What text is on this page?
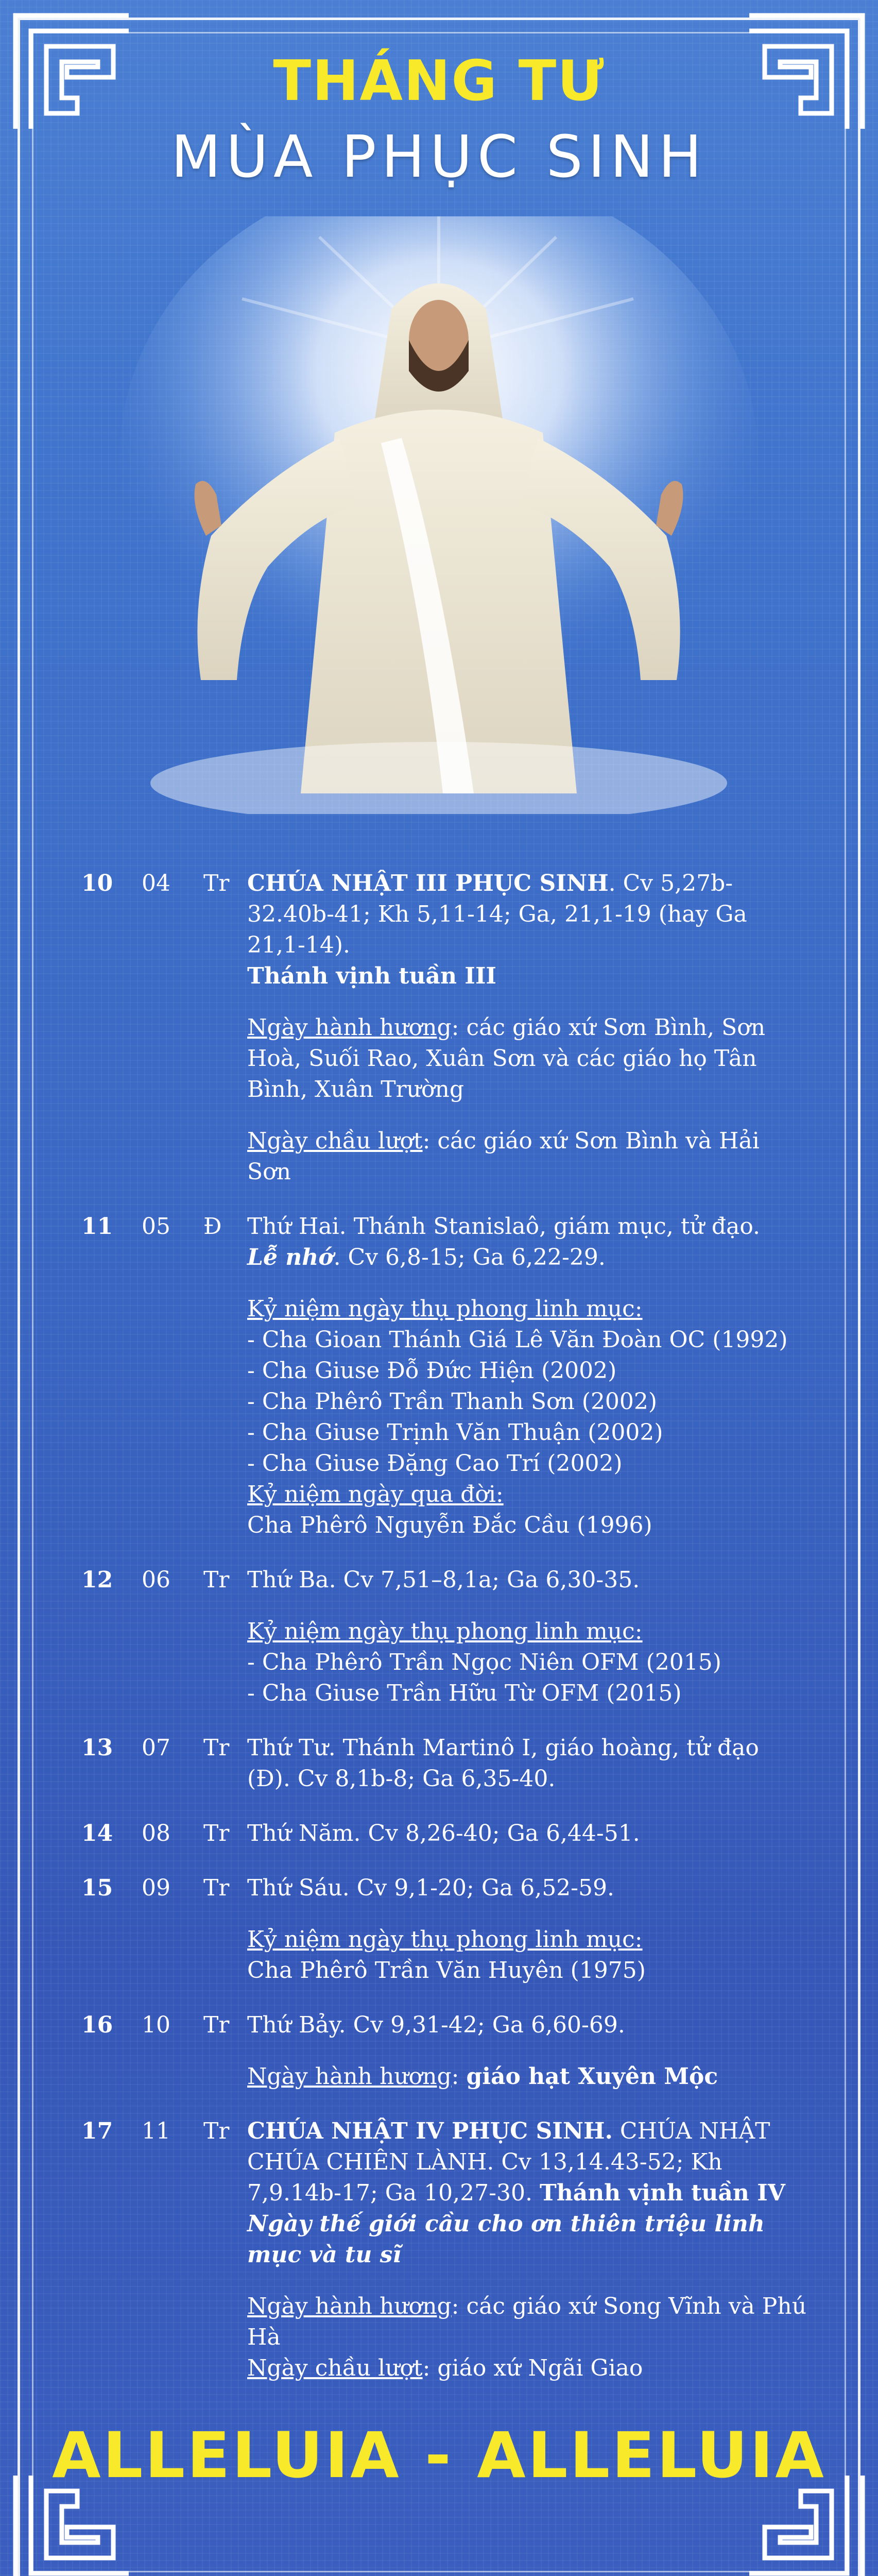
THÁNG TƯ
MÙA PHỤC SINH
10	04	Tr CHÚA NHẬT III PHỤC SINH. Cv 5,27b-32.40b-41; Kh 5,11-14; Ga, 21,1-19 (hay Ga 21,1-14).

Thánh vịnh tuần III

Ngày hành hương: các giáo xứ Sơn Bình, Sơn Hoà, Suối Rao, Xuân Sơn và các giáo họ Tân Bình, Xuân Trường

Ngày chầu lượt: các giáo xứ Sơn Bình và Hải Sơn

11	05	Đ	Thứ Hai. Thánh Stanislaô, giám mục, tử đạo.

Lễ nhớ. Cv 6,8-15; Ga 6,22-29.

Kỷ niệm ngày thụ phong linh mục:

- Cha Gioan Thánh Giá Lê Văn Đoàn OC (1992)

- Cha Giuse Đỗ Đức Hiện (2002)

- Cha Phêrô Trần Thanh Sơn (2002)

- Cha Giuse Trịnh Văn Thuận (2002)

- Cha Giuse Đặng Cao Trí (2002)

Kỷ niệm ngày qua đời:

Cha Phêrô Nguyễn Đắc Cầu (1996)

12	06	Tr Thứ Ba. Cv 7,51–8,1a; Ga 6,30-35.

Kỷ niệm ngày thụ phong linh mục:

- Cha Phêrô Trần Ngọc Niên OFM (2015)

- Cha Giuse Trần Hữu Từ OFM (2015)

13	07	Tr Thứ Tư. Thánh Martinô I, giáo hoàng, tử đạo (Đ). Cv 8,1b-8; Ga 6,35-40.

14	08	Tr Thứ Năm. Cv 8,26-40; Ga 6,44-51.

15	09	Tr Thứ Sáu. Cv 9,1-20; Ga 6,52-59.

Kỷ niệm ngày thụ phong linh mục:

Cha Phêrô Trần Văn Huyên (1975)

16	10	Tr Thứ Bảy. Cv 9,31-42; Ga 6,60-69.

Ngày hành hương: giáo hạt Xuyên Mộc

17	11	Tr CHÚA NHẬT IV PHỤC SINH. CHÚA NHẬT CHÚA CHIÊN LÀNH. Cv 13,14.43-52; Kh 7,9.14b-17; Ga 10,27-30. Thánh vịnh tuần IV

Ngày thế giới cầu cho ơn thiên triệu linh mục và tu sĩ

Ngày hành hương: các giáo xứ Song Vĩnh và Phú Hà

Ngày chầu lượt: giáo xứ Ngãi Giao

ALLELUIA - ALLELUIA
